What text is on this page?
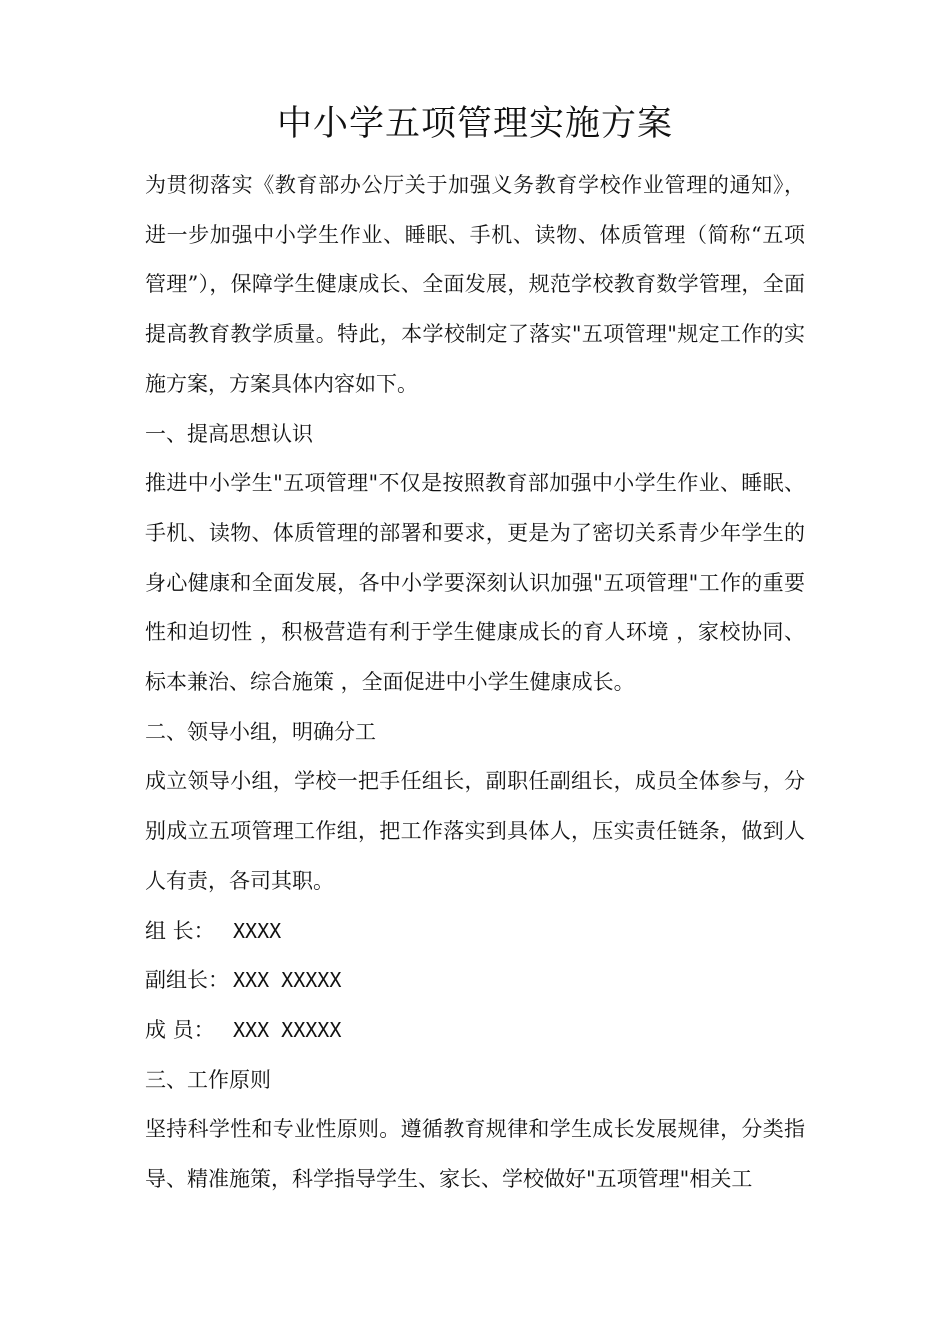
中小学五项管理实施方案

为贯彻落实《教育部办公厅关于加强义务教育学校作业管理的通知》，进一步加强中小学生作业、睡眠、手机、读物、体质管理（简称“五项管理”），保障学生健康成长、全面发展，规范学校教育数学管理，全面提高教育教学质量。特此，本学校制定了落实"五项管理"规定工作的实施方案，方案具体内容如下。

一、提高思想认识

推进中小学生"五项管理"不仅是按照教育部加强中小学生作业、睡眠、手机、读物、体质管理的部署和要求，更是为了密切关系青少年学生的身心健康和全面发展，各中小学要深刻认识加强"五项管理"工作的重要性和迫切性 ，积极营造有利于学生健康成长的育人环境 ，家校协同、标本兼治、综合施策 ，全面促进中小学生健康成长。

二、领导小组，明确分工

成立领导小组，学校一把手任组长，副职任副组长，成员全体参与，分别成立五项管理工作组，把工作落实到具体人，压实责任链条，做到人人有责，各司其职。

组 长： XXXX

副组长： XXX XXXXX

成 员： XXX XXXXX

三、工作原则

坚持科学性和专业性原则。遵循教育规律和学生成长发展规律，分类指导、精准施策，科学指导学生、家长、学校做好"五项管理"相关工
